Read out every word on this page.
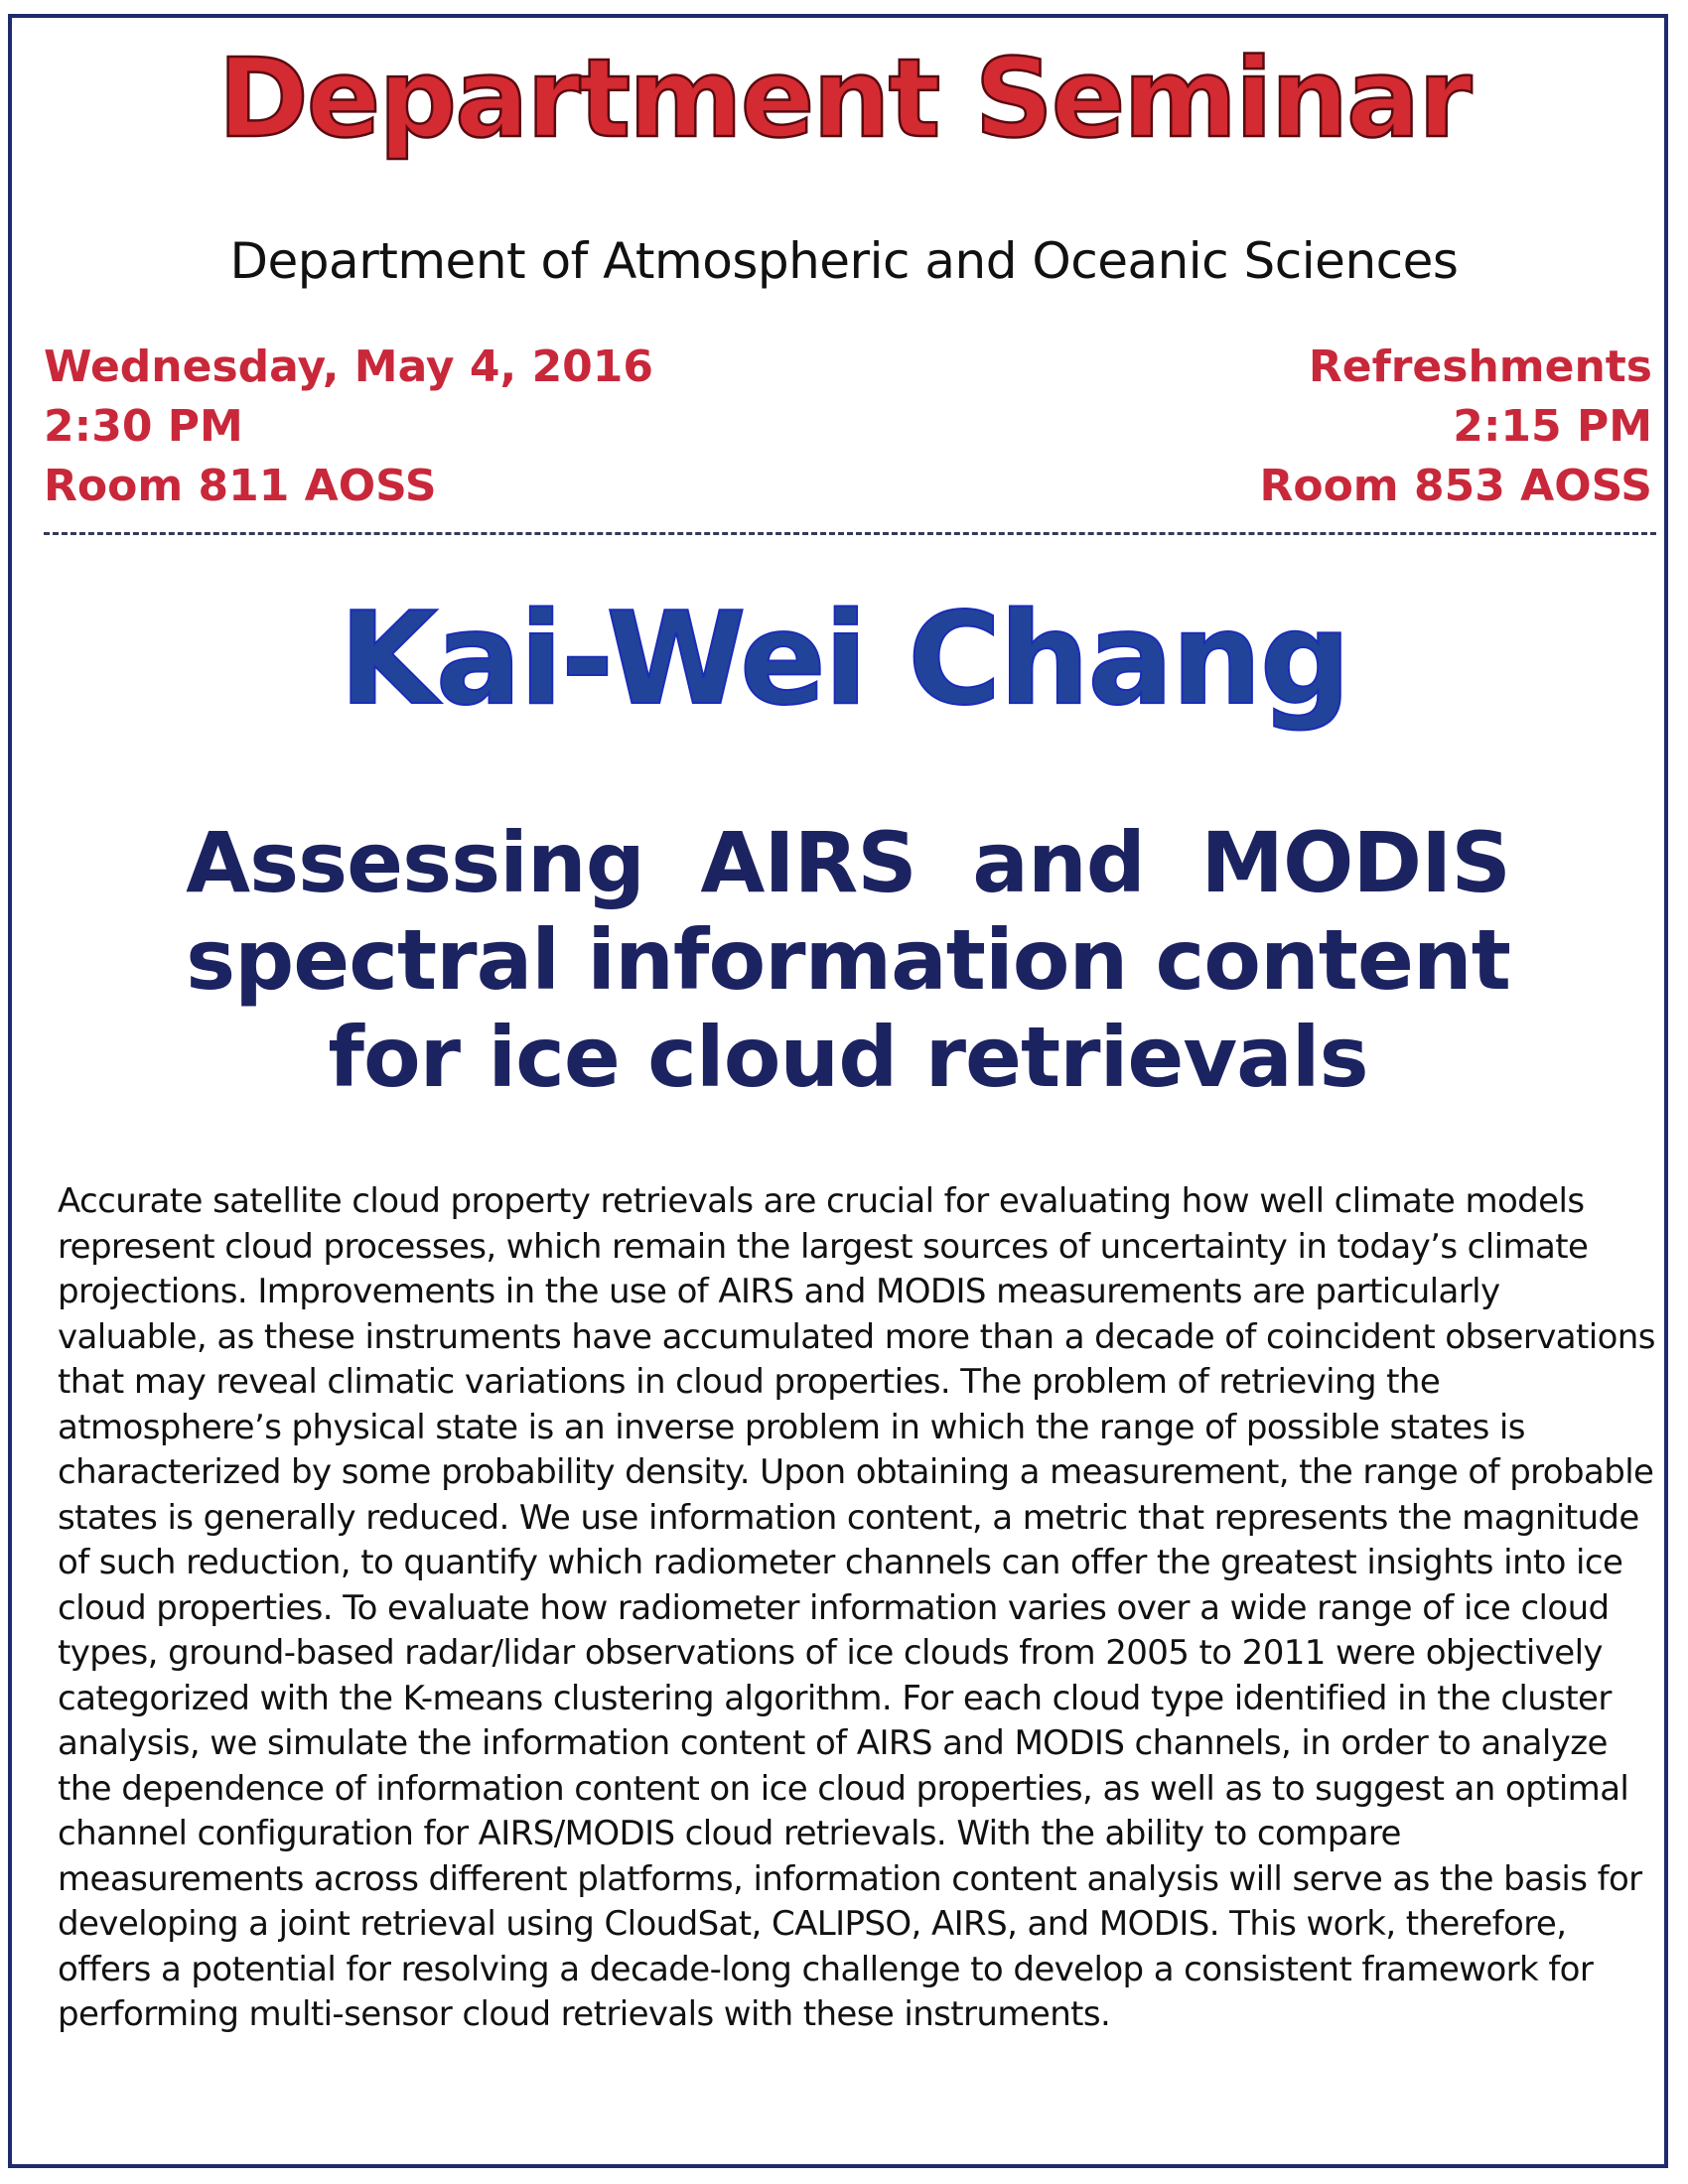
Department Seminar
Department of Atmospheric and Oceanic Sciences
Wednesday, May 4, 2016
2:30 PM
Room 811 AOSS
Refreshments
2:15 PM
Room 853 AOSS
Kai-Wei Chang
Assessing  AIRS  and  MODIS
spectral information content
for ice cloud retrievals
Accurate satellite cloud property retrievals are crucial for evaluating how well climate models represent cloud processes, which remain the largest sources of uncertainty in today’s climate projections. Improvements in the use of AIRS and MODIS measurements are particularly valuable, as these instruments have accumulated more than a decade of coincident observations that may reveal climatic variations in cloud properties. The problem of retrieving the atmosphere’s physical state is an inverse problem in which the range of possible states is characterized by some probability density. Upon obtaining a measurement, the range of probable states is generally reduced. We use information content, a metric that represents the magnitude of such reduction, to quantify which radiometer channels can offer the greatest insights into ice cloud properties. To evaluate how radiometer information varies over a wide range of ice cloud types, ground-based radar/lidar observations of ice clouds from 2005 to 2011 were objectively categorized with the K-means clustering algorithm. For each cloud type identified in the cluster analysis, we simulate the information content of AIRS and MODIS channels, in order to analyze the dependence of information content on ice cloud properties, as well as to suggest an optimal channel configuration for AIRS/MODIS cloud retrievals. With the ability to compare measurements across different platforms, information content analysis will serve as the basis for developing a joint retrieval using CloudSat, CALIPSO, AIRS, and MODIS. This work, therefore, offers a potential for resolving a decade-long challenge to develop a consistent framework for performing multi-sensor cloud retrievals with these instruments.
